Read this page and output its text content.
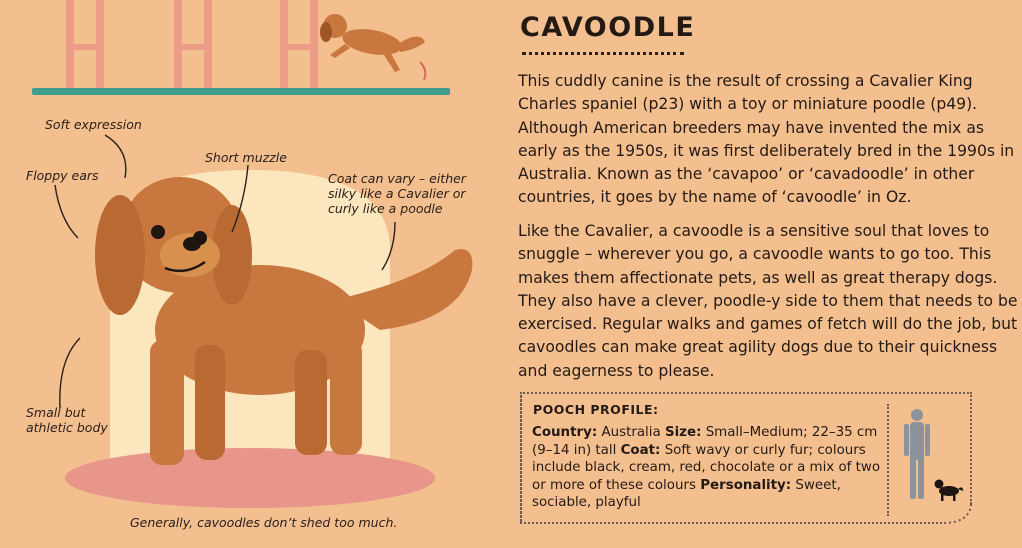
Soft expression
Floppy ears
Short muzzle
Coat can vary – either silky like a Cavalier or curly like a poodle
Small but athletic body
Generally, cavoodles don’t shed too much.
CAVOODLE

This cuddly canine is the result of crossing a Cavalier King Charles spaniel (p23) with a toy or miniature poodle (p49). Although American breeders may have invented the mix as early as the 1950s, it was first deliberately bred in the 1990s in Australia. Known as the ‘cavapoo’ or ‘cavadoodle’ in other countries, it goes by the name of ‘cavoodle’ in Oz.

Like the Cavalier, a cavoodle is a sensitive soul that loves to snuggle – wherever you go, a cavoodle wants to go too. This makes them affectionate pets, as well as great therapy dogs. They also have a clever, poodle-y side to them that needs to be exercised. Regular walks and games of fetch will do the job, but cavoodles can make great agility dogs due to their quickness and eagerness to please.

POOCH PROFILE:

Country: Australia Size: Small–Medium; 22–35 cm (9–14 in) tall Coat: Soft wavy or curly fur; colours include black, cream, red, chocolate or a mix of two or more of these colours Personality: Sweet, sociable, playful
